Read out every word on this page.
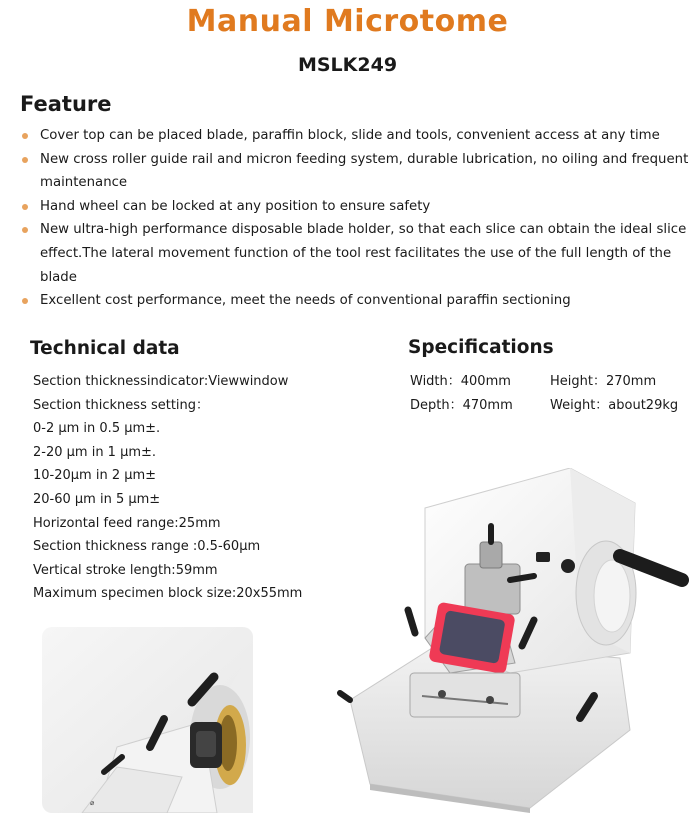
Manual Microtome
MSLK249
Feature
Cover top can be placed blade, paraffin block, slide and tools, convenient access at any time
New cross roller guide rail and micron feeding system, durable lubrication, no oiling and frequent maintenance
Hand wheel can be locked at any position to ensure safety
New ultra-high performance disposable blade holder, so that each slice can obtain the ideal slice effect.The lateral movement function of the tool rest facilitates the use of the full length of the blade
Excellent cost performance, meet the needs of conventional paraffin sectioning
Technical data
Section thicknessindicator:Viewwindow
Section thickness setting：
0-2 μm in 0.5 μm±.
2-20 μm in 1 μm±.
10-20μm in 2 μm±
20-60 μm in 5 μm±
Horizontal feed range:25mm
Section thickness range :0.5-60μm
Vertical stroke length:59mm
Maximum specimen block size:20x55mm
Specifications
Width：400mm	Height：270mm
Depth：470mm	Weight：about29kg
⌀
